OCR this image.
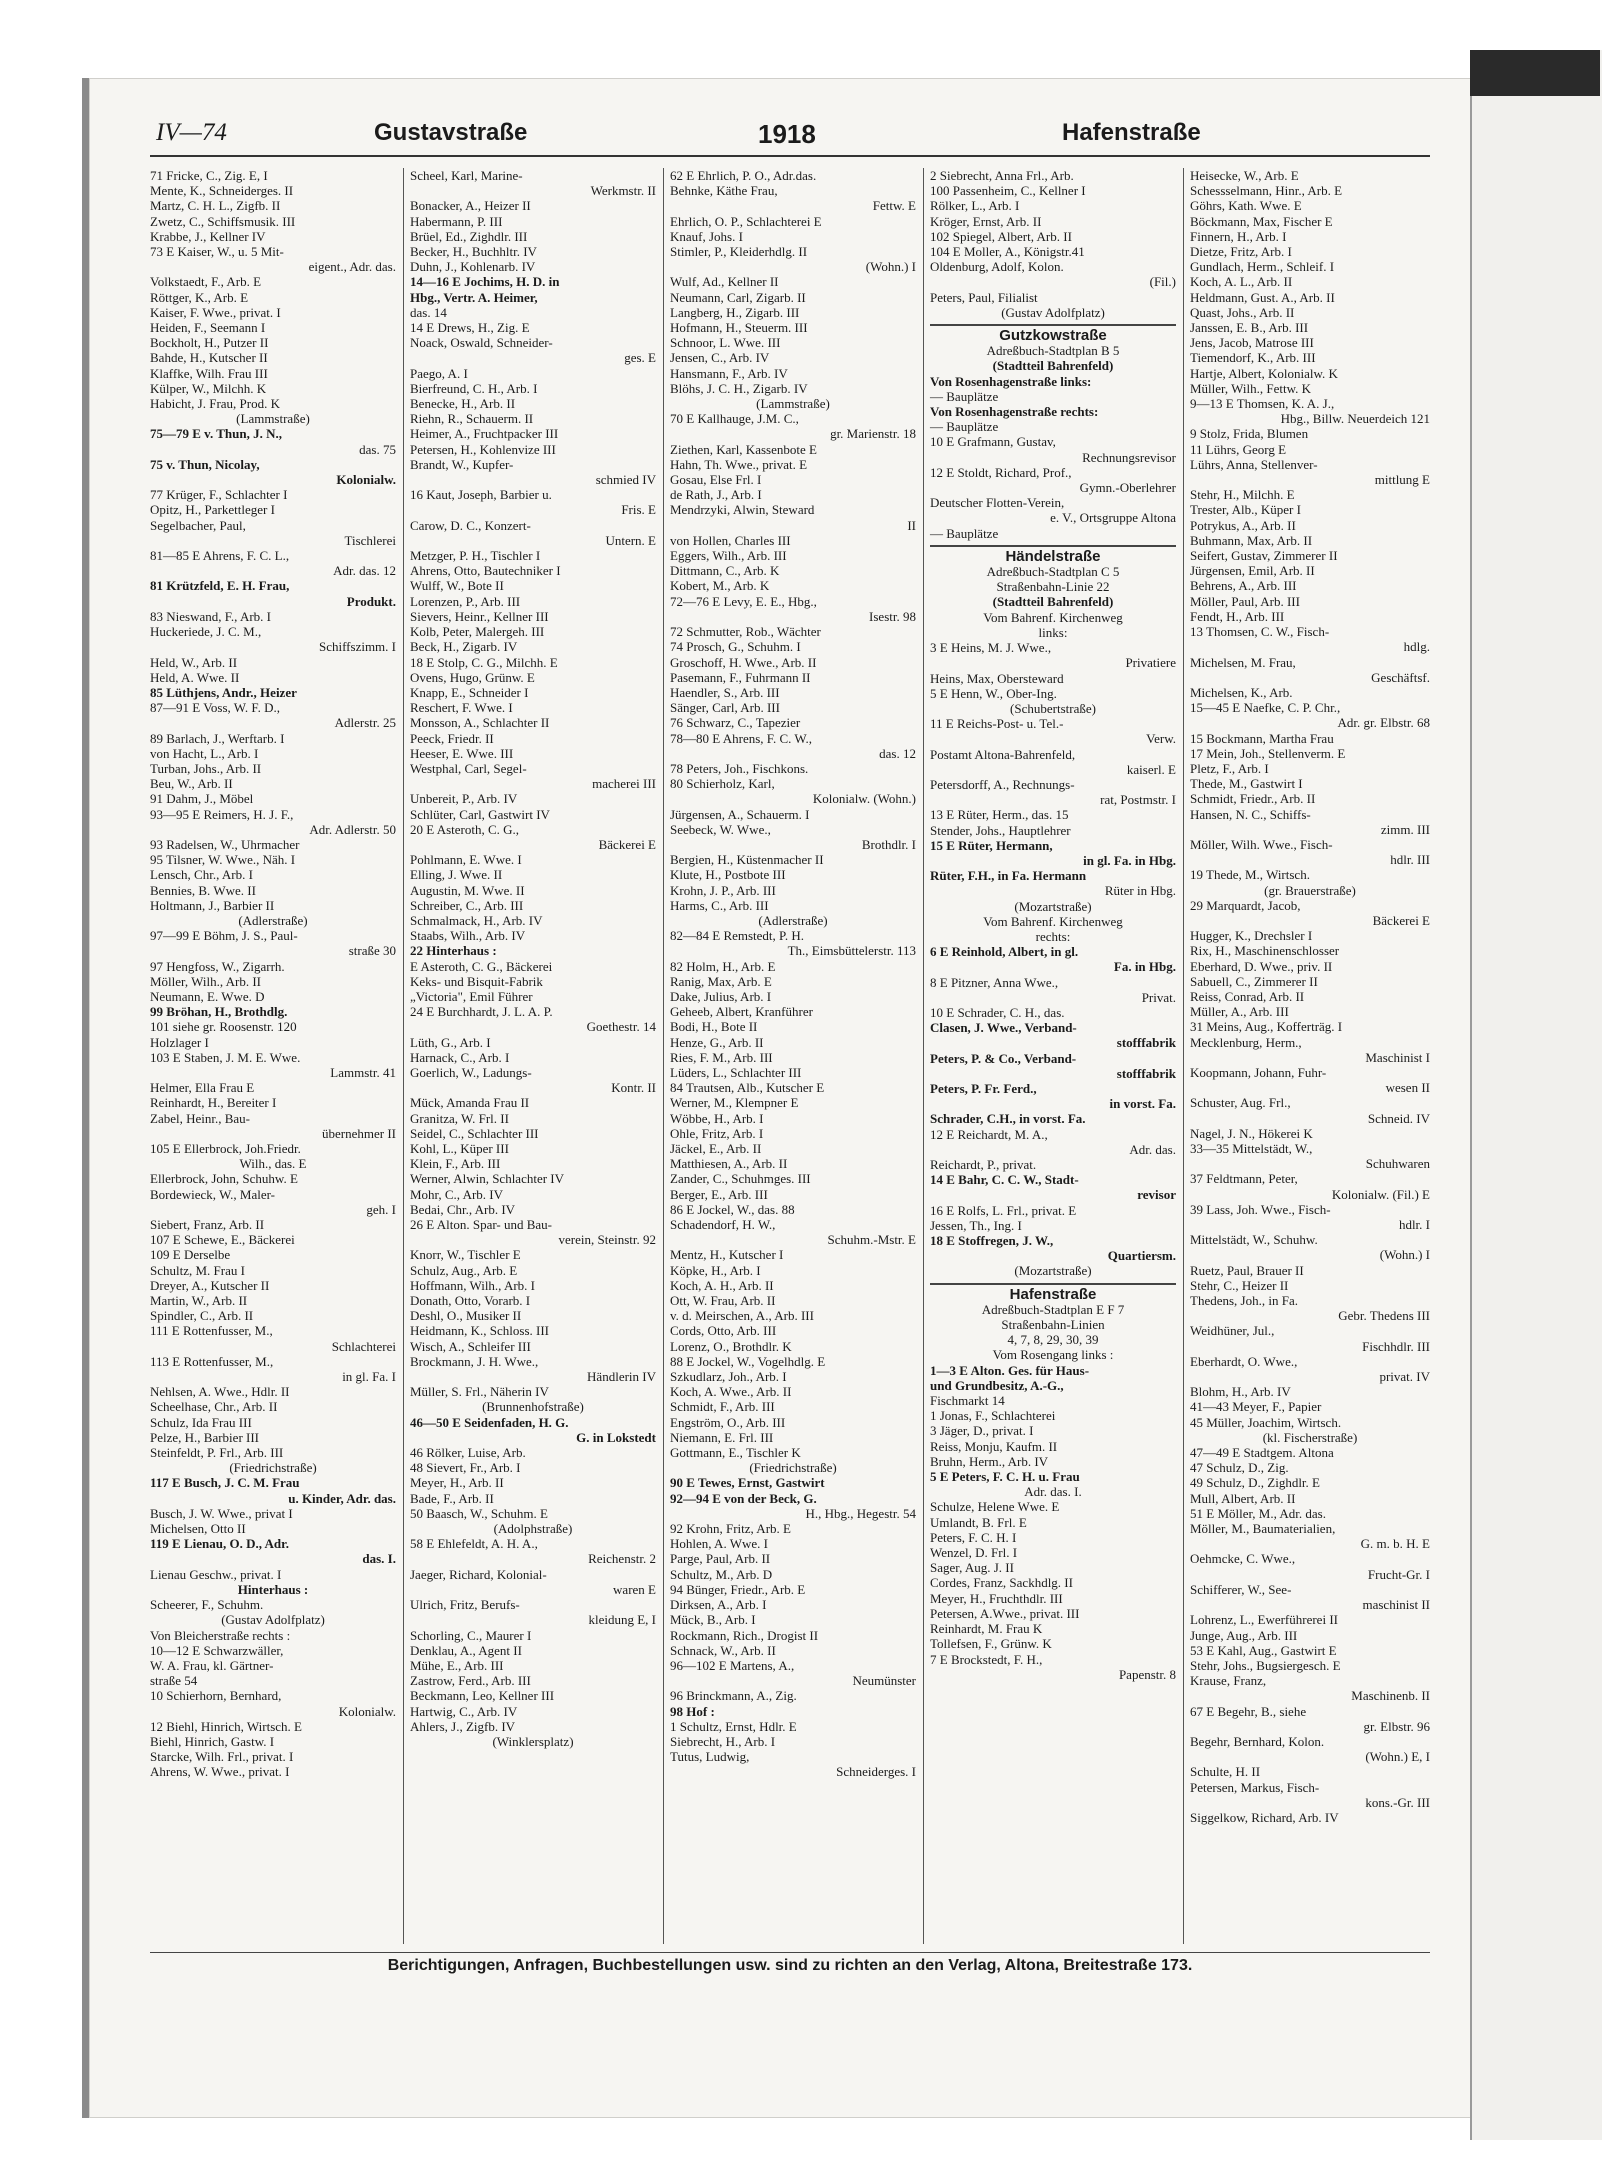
IV—74	Gustavstraße	1918	Hafenstraße
71 Fricke, C., Zig. E, I
Mente, K., Schneiderges. II
Martz, C. H. L., Zigfb. II
Zwetz, C., Schiffsmusik. III
Krabbe, J., Kellner IV
73 E Kaiser, W., u. 5 Mit-
eigent., Adr. das.
Volkstaedt, F., Arb. E
Röttger, K., Arb. E
Kaiser, F. Wwe., privat. I
Heiden, F., Seemann I
Bockholt, H., Putzer II
Bahde, H., Kutscher II
Klaffke, Wilh. Frau III
Külper, W., Milchh. K
Habicht, J. Frau, Prod. K
(Lammstraße)
75—79 E v. Thun, J. N.,
das. 75
75 v. Thun, Nicolay,
Kolonialw.
77 Krüger, F., Schlachter I
Opitz, H., Parkettleger I
Segelbacher, Paul,
Tischlerei
81—85 E Ahrens, F. C. L.,
Adr. das. 12
81 Krützfeld, E. H. Frau,
Produkt.
83 Nieswand, F., Arb. I
Huckeriede, J. C. M.,
Schiffszimm. I
Held, W., Arb. II
Held, A. Wwe. II
85 Lüthjens, Andr., Heizer
87—91 E Voss, W. F. D.,
Adlerstr. 25
89 Barlach, J., Werftarb. I
von Hacht, L., Arb. I
Turban, Johs., Arb. II
Beu, W., Arb. II
91 Dahm, J., Möbel
93—95 E Reimers, H. J. F.,
Adr. Adlerstr. 50
93 Radelsen, W., Uhrmacher
95 Tilsner, W. Wwe., Näh. I
Lensch, Chr., Arb. I
Bennies, B. Wwe. II
Holtmann, J., Barbier II
(Adlerstraße)
97—99 E Böhm, J. S., Paul-
straße 30
97 Hengfoss, W., Zigarrh.
Möller, Wilh., Arb. II
Neumann, E. Wwe. D
99 Bröhan, H., Brothdlg.
101 siehe gr. Roosenstr. 120
Holzlager I
103 E Staben, J. M. E. Wwe.
Lammstr. 41
Helmer, Ella Frau E
Reinhardt, H., Bereiter I
Zabel, Heinr., Bau-
übernehmer II
105 E Ellerbrock, Joh.Friedr.
Wilh., das. E
Ellerbrock, John, Schuhw. E
Bordewieck, W., Maler-
geh. I
Siebert, Franz, Arb. II
107 E Schewe, E., Bäckerei
109 E Derselbe
Schultz, M. Frau I
Dreyer, A., Kutscher II
Martin, W., Arb. II
Spindler, C., Arb. II
111 E Rottenfusser, M.,
Schlachterei
113 E Rottenfusser, M.,
in gl. Fa. I
Nehlsen, A. Wwe., Hdlr. II
Scheelhase, Chr., Arb. II
Schulz, Ida Frau III
Pelze, H., Barbier III
Steinfeldt, P. Frl., Arb. III
(Friedrichstraße)
117 E Busch, J. C. M. Frau
u. Kinder, Adr. das.
Busch, J. W. Wwe., privat I
Michelsen, Otto II
119 E Lienau, O. D., Adr.
das. I.
Lienau Geschw., privat. I
Hinterhaus :
Scheerer, F., Schuhm.
(Gustav Adolfplatz)
Von Bleicherstraße rechts :
10—12 E Schwarzwäller,
W. A. Frau, kl. Gärtner-
straße 54
10 Schierhorn, Bernhard,
Kolonialw.
12 Biehl, Hinrich, Wirtsch. E
Biehl, Hinrich, Gastw. I
Starcke, Wilh. Frl., privat. I
Ahrens, W. Wwe., privat. I
Scheel, Karl, Marine-
Werkmstr. II
Bonacker, A., Heizer II
Habermann, P. III
Brüel, Ed., Zighdlr. III
Becker, H., Buchhltr. IV
Duhn, J., Kohlenarb. IV
14—16 E Jochims, H. D. in
Hbg., Vertr. A. Heimer,
das. 14
14 E Drews, H., Zig. E
Noack, Oswald, Schneider-
ges. E
Paego, A. I
Bierfreund, C. H., Arb. I
Benecke, H., Arb. II
Riehn, R., Schauerm. II
Heimer, A., Fruchtpacker III
Petersen, H., Kohlenvize III
Brandt, W., Kupfer-
schmied IV
16 Kaut, Joseph, Barbier u.
Fris. E
Carow, D. C., Konzert-
Untern. E
Metzger, P. H., Tischler I
Ahrens, Otto, Bautechniker I
Wulff, W., Bote II
Lorenzen, P., Arb. III
Sievers, Heinr., Kellner III
Kolb, Peter, Malergeh. III
Beck, H., Zigarb. IV
18 E Stolp, C. G., Milchh. E
Ovens, Hugo, Grünw. E
Knapp, E., Schneider I
Reschert, F. Wwe. I
Monsson, A., Schlachter II
Peeck, Friedr. II
Heeser, E. Wwe. III
Westphal, Carl, Segel-
macherei III
Unbereit, P., Arb. IV
Schlüter, Carl, Gastwirt IV
20 E Asteroth, C. G.,
Bäckerei E
Pohlmann, E. Wwe. I
Elling, J. Wwe. II
Augustin, M. Wwe. II
Schreiber, C., Arb. III
Schmalmack, H., Arb. IV
Staabs, Wilh., Arb. IV
22 Hinterhaus :
E Asteroth, C. G., Bäckerei
Keks- und Bisquit-Fabrik
„Victoria", Emil Führer
24 E Burchhardt, J. L. A. P.
Goethestr. 14
Lüth, G., Arb. I
Harnack, C., Arb. I
Goerlich, W., Ladungs-
Kontr. II
Mück, Amanda Frau II
Granitza, W. Frl. II
Seidel, C., Schlachter III
Kohl, L., Küper III
Klein, F., Arb. III
Werner, Alwin, Schlachter IV
Mohr, C., Arb. IV
Bedai, Chr., Arb. IV
26 E Alton. Spar- und Bau-
verein, Steinstr. 92
Knorr, W., Tischler E
Schulz, Aug., Arb. E
Hoffmann, Wilh., Arb. I
Donath, Otto, Vorarb. I
Deshl, O., Musiker II
Heidmann, K., Schloss. III
Wisch, A., Schleifer III
Brockmann, J. H. Wwe.,
Händlerin IV
Müller, S. Frl., Näherin IV
(Brunnenhofstraße)
46—50 E Seidenfaden, H. G.
G. in Lokstedt
46 Rölker, Luise, Arb.
48 Sievert, Fr., Arb. I
Meyer, H., Arb. II
Bade, F., Arb. II
50 Baasch, W., Schuhm. E
(Adolphstraße)
58 E Ehlefeldt, A. H. A.,
Reichenstr. 2
Jaeger, Richard, Kolonial-
waren E
Ulrich, Fritz, Berufs-
kleidung E, I
Schorling, C., Maurer I
Denklau, A., Agent II
Mühe, E., Arb. III
Zastrow, Ferd., Arb. III
Beckmann, Leo, Kellner III
Hartwig, C., Arb. IV
Ahlers, J., Zigfb. IV
(Winklersplatz)
62 E Ehrlich, P. O., Adr.das.
Behnke, Käthe Frau,
Fettw. E
Ehrlich, O. P., Schlachterei E
Knauf, Johs. I
Stimler, P., Kleiderhdlg. II
(Wohn.) I
Wulf, Ad., Kellner II
Neumann, Carl, Zigarb. II
Langberg, H., Zigarb. III
Hofmann, H., Steuerm. III
Schnoor, L. Wwe. III
Jensen, C., Arb. IV
Hansmann, F., Arb. IV
Blöhs, J. C. H., Zigarb. IV
(Lammstraße)
70 E Kallhauge, J.M. C.,
gr. Marienstr. 18
Ziethen, Karl, Kassenbote E
Hahn, Th. Wwe., privat. E
Gosau, Else Frl. I
de Rath, J., Arb. I
Mendrzyki, Alwin, Steward
II
von Hollen, Charles III
Eggers, Wilh., Arb. III
Dittmann, C., Arb. K
Kobert, M., Arb. K
72—76 E Levy, E. E., Hbg.,
Isestr. 98
72 Schmutter, Rob., Wächter
74 Prosch, G., Schuhm. I
Groschoff, H. Wwe., Arb. II
Pasemann, F., Fuhrmann II
Haendler, S., Arb. III
Sänger, Carl, Arb. III
76 Schwarz, C., Tapezier
78—80 E Ahrens, F. C. W.,
das. 12
78 Peters, Joh., Fischkons.
80 Schierholz, Karl,
Kolonialw. (Wohn.)
Jürgensen, A., Schauerm. I
Seebeck, W. Wwe.,
Brothdlr. I
Bergien, H., Küstenmacher II
Klute, H., Postbote III
Krohn, J. P., Arb. III
Harms, C., Arb. III
(Adlerstraße)
82—84 E Remstedt, P. H.
Th., Eimsbüttelerstr. 113
82 Holm, H., Arb. E
Ranig, Max, Arb. E
Dake, Julius, Arb. I
Geheeb, Albert, Kranführer
Bodi, H., Bote II
Henze, G., Arb. II
Ries, F. M., Arb. III
Lüders, L., Schlachter III
84 Trautsen, Alb., Kutscher E
Werner, M., Klempner E
Wöbbe, H., Arb. I
Ohle, Fritz, Arb. I
Jäckel, E., Arb. II
Matthiesen, A., Arb. II
Zander, C., Schuhmges. III
Berger, E., Arb. III
86 E Jockel, W., das. 88
Schadendorf, H. W.,
Schuhm.-Mstr. E
Mentz, H., Kutscher I
Köpke, H., Arb. I
Koch, A. H., Arb. II
Ott, W. Frau, Arb. II
v. d. Meirschen, A., Arb. III
Cords, Otto, Arb. III
Lorenz, O., Brothdlr. K
88 E Jockel, W., Vogelhdlg. E
Szkudlarz, Joh., Arb. I
Koch, A. Wwe., Arb. II
Schmidt, F., Arb. III
Engström, O., Arb. III
Niemann, E. Frl. III
Gottmann, E., Tischler K
(Friedrichstraße)
90 E Tewes, Ernst, Gastwirt
92—94 E von der Beck, G.
H., Hbg., Hegestr. 54
92 Krohn, Fritz, Arb. E
Hohlen, A. Wwe. I
Parge, Paul, Arb. II
Schultz, M., Arb. D
94 Bünger, Friedr., Arb. E
Dirksen, A., Arb. I
Mück, B., Arb. I
Rockmann, Rich., Drogist II
Schnack, W., Arb. II
96—102 E Martens, A.,
Neumünster
96 Brinckmann, A., Zig.
98 Hof :
1 Schultz, Ernst, Hdlr. E
Siebrecht, H., Arb. I
Tutus, Ludwig,
Schneiderges. I
2 Siebrecht, Anna Frl., Arb.
100 Passenheim, C., Kellner I
Rölker, L., Arb. I
Kröger, Ernst, Arb. II
102 Spiegel, Albert, Arb. II
104 E Moller, A., Königstr.41
Oldenburg, Adolf, Kolon.
(Fil.)
Peters, Paul, Filialist
(Gustav Adolfplatz)
Gutzkowstraße
Adreßbuch-Stadtplan B 5
(Stadtteil Bahrenfeld)
Von Rosenhagenstraße links:
— Bauplätze
Von Rosenhagenstraße rechts:
— Bauplätze
10 E Grafmann, Gustav,
Rechnungsrevisor
12 E Stoldt, Richard, Prof.,
Gymn.-Oberlehrer
Deutscher Flotten-Verein,
e. V., Ortsgruppe Altona
— Bauplätze
Händelstraße
Adreßbuch-Stadtplan C 5
Straßenbahn-Linie 22
(Stadtteil Bahrenfeld)
Vom Bahrenf. Kirchenweg
links:
3 E Heins, M. J. Wwe.,
Privatiere
Heins, Max, Obersteward
5 E Henn, W., Ober-Ing.
(Schubertstraße)
11 E Reichs-Post- u. Tel.-
Verw.
Postamt Altona-Bahrenfeld,
kaiserl. E
Petersdorff, A., Rechnungs-
rat, Postmstr. I
13 E Rüter, Herm., das. 15
Stender, Johs., Hauptlehrer
15 E Rüter, Hermann,
in gl. Fa. in Hbg.
Rüter, F.H., in Fa. Hermann
Rüter in Hbg.
(Mozartstraße)
Vom Bahrenf. Kirchenweg
rechts:
6 E Reinhold, Albert, in gl.
Fa. in Hbg.
8 E Pitzner, Anna Wwe.,
Privat.
10 E Schrader, C. H., das.
Clasen, J. Wwe., Verband-
stofffabrik
Peters, P. & Co., Verband-
stofffabrik
Peters, P. Fr. Ferd.,
in vorst. Fa.
Schrader, C.H., in vorst. Fa.
12 E Reichardt, M. A.,
Adr. das.
Reichardt, P., privat.
14 E Bahr, C. C. W., Stadt-
revisor
16 E Rolfs, L. Frl., privat. E
Jessen, Th., Ing. I
18 E Stoffregen, J. W.,
Quartiersm.
(Mozartstraße)
Hafenstraße
Adreßbuch-Stadtplan E F 7
Straßenbahn-Linien
4, 7, 8, 29, 30, 39
Vom Rosengang links :
1—3 E Alton. Ges. für Haus-
und Grundbesitz, A.-G.,
Fischmarkt 14
1 Jonas, F., Schlachterei
3 Jäger, D., privat. I
Reiss, Monju, Kaufm. II
Bruhn, Herm., Arb. IV
5 E Peters, F. C. H. u. Frau
Adr. das. I.
Schulze, Helene Wwe. E
Umlandt, B. Frl. E
Peters, F. C. H. I
Wenzel, D. Frl. I
Sager, Aug. J. II
Cordes, Franz, Sackhdlg. II
Meyer, H., Fruchthdlr. III
Petersen, A.Wwe., privat. III
Reinhardt, M. Frau K
Tollefsen, F., Grünw. K
7 E Brockstedt, F. H.,
Papenstr. 8
Heisecke, W., Arb. E
Schessselmann, Hinr., Arb. E
Göhrs, Kath. Wwe. E
Böckmann, Max, Fischer E
Finnern, H., Arb. I
Dietze, Fritz, Arb. I
Gundlach, Herm., Schleif. I
Koch, A. L., Arb. II
Heldmann, Gust. A., Arb. II
Quast, Johs., Arb. II
Janssen, E. B., Arb. III
Jens, Jacob, Matrose III
Tiemendorf, K., Arb. III
Hartje, Albert, Kolonialw. K
Müller, Wilh., Fettw. K
9—13 E Thomsen, K. A. J.,
Hbg., Billw. Neuerdeich 121
9 Stolz, Frida, Blumen
11 Lührs, Georg E
Lührs, Anna, Stellenver-
mittlung E
Stehr, H., Milchh. E
Trester, Alb., Küper I
Potrykus, A., Arb. II
Buhmann, Max, Arb. II
Seifert, Gustav, Zimmerer II
Jürgensen, Emil, Arb. II
Behrens, A., Arb. III
Möller, Paul, Arb. III
Fendt, H., Arb. III
13 Thomsen, C. W., Fisch-
hdlg.
Michelsen, M. Frau,
Geschäftsf.
Michelsen, K., Arb.
15—45 E Naefke, C. P. Chr.,
Adr. gr. Elbstr. 68
15 Bockmann, Martha Frau
17 Mein, Joh., Stellenverm. E
Pletz, F., Arb. I
Thede, M., Gastwirt I
Schmidt, Friedr., Arb. II
Hansen, N. C., Schiffs-
zimm. III
Möller, Wilh. Wwe., Fisch-
hdlr. III
19 Thede, M., Wirtsch.
(gr. Brauerstraße)
29 Marquardt, Jacob,
Bäckerei E
Hugger, K., Drechsler I
Rix, H., Maschinenschlosser
Eberhard, D. Wwe., priv. II
Sabuell, C., Zimmerer II
Reiss, Conrad, Arb. II
Müller, A., Arb. III
31 Meins, Aug., Kofferträg. I
Mecklenburg, Herm.,
Maschinist I
Koopmann, Johann, Fuhr-
wesen II
Schuster, Aug. Frl.,
Schneid. IV
Nagel, J. N., Hökerei K
33—35 Mittelstädt, W.,
Schuhwaren
37 Feldtmann, Peter,
Kolonialw. (Fil.) E
39 Lass, Joh. Wwe., Fisch-
hdlr. I
Mittelstädt, W., Schuhw.
(Wohn.) I
Ruetz, Paul, Brauer II
Stehr, C., Heizer II
Thedens, Joh., in Fa.
Gebr. Thedens III
Weidhüner, Jul.,
Fischhdlr. III
Eberhardt, O. Wwe.,
privat. IV
Blohm, H., Arb. IV
41—43 Meyer, F., Papier
45 Müller, Joachim, Wirtsch.
(kl. Fischerstraße)
47—49 E Stadtgem. Altona
47 Schulz, D., Zig.
49 Schulz, D., Zighdlr. E
Mull, Albert, Arb. II
51 E Möller, M., Adr. das.
Möller, M., Baumaterialien,
G. m. b. H. E
Oehmcke, C. Wwe.,
Frucht-Gr. I
Schifferer, W., See-
maschinist II
Lohrenz, L., Ewerführerei II
Junge, Aug., Arb. III
53 E Kahl, Aug., Gastwirt E
Stehr, Johs., Bugsiergesch. E
Krause, Franz,
Maschinenb. II
67 E Begehr, B., siehe
gr. Elbstr. 96
Begehr, Bernhard, Kolon.
(Wohn.) E, I
Schulte, H. II
Petersen, Markus, Fisch-
kons.-Gr. III
Siggelkow, Richard, Arb. IV
Berichtigungen, Anfragen, Buchbestellungen usw. sind zu richten an den Verlag, Altona, Breitestraße 173.
